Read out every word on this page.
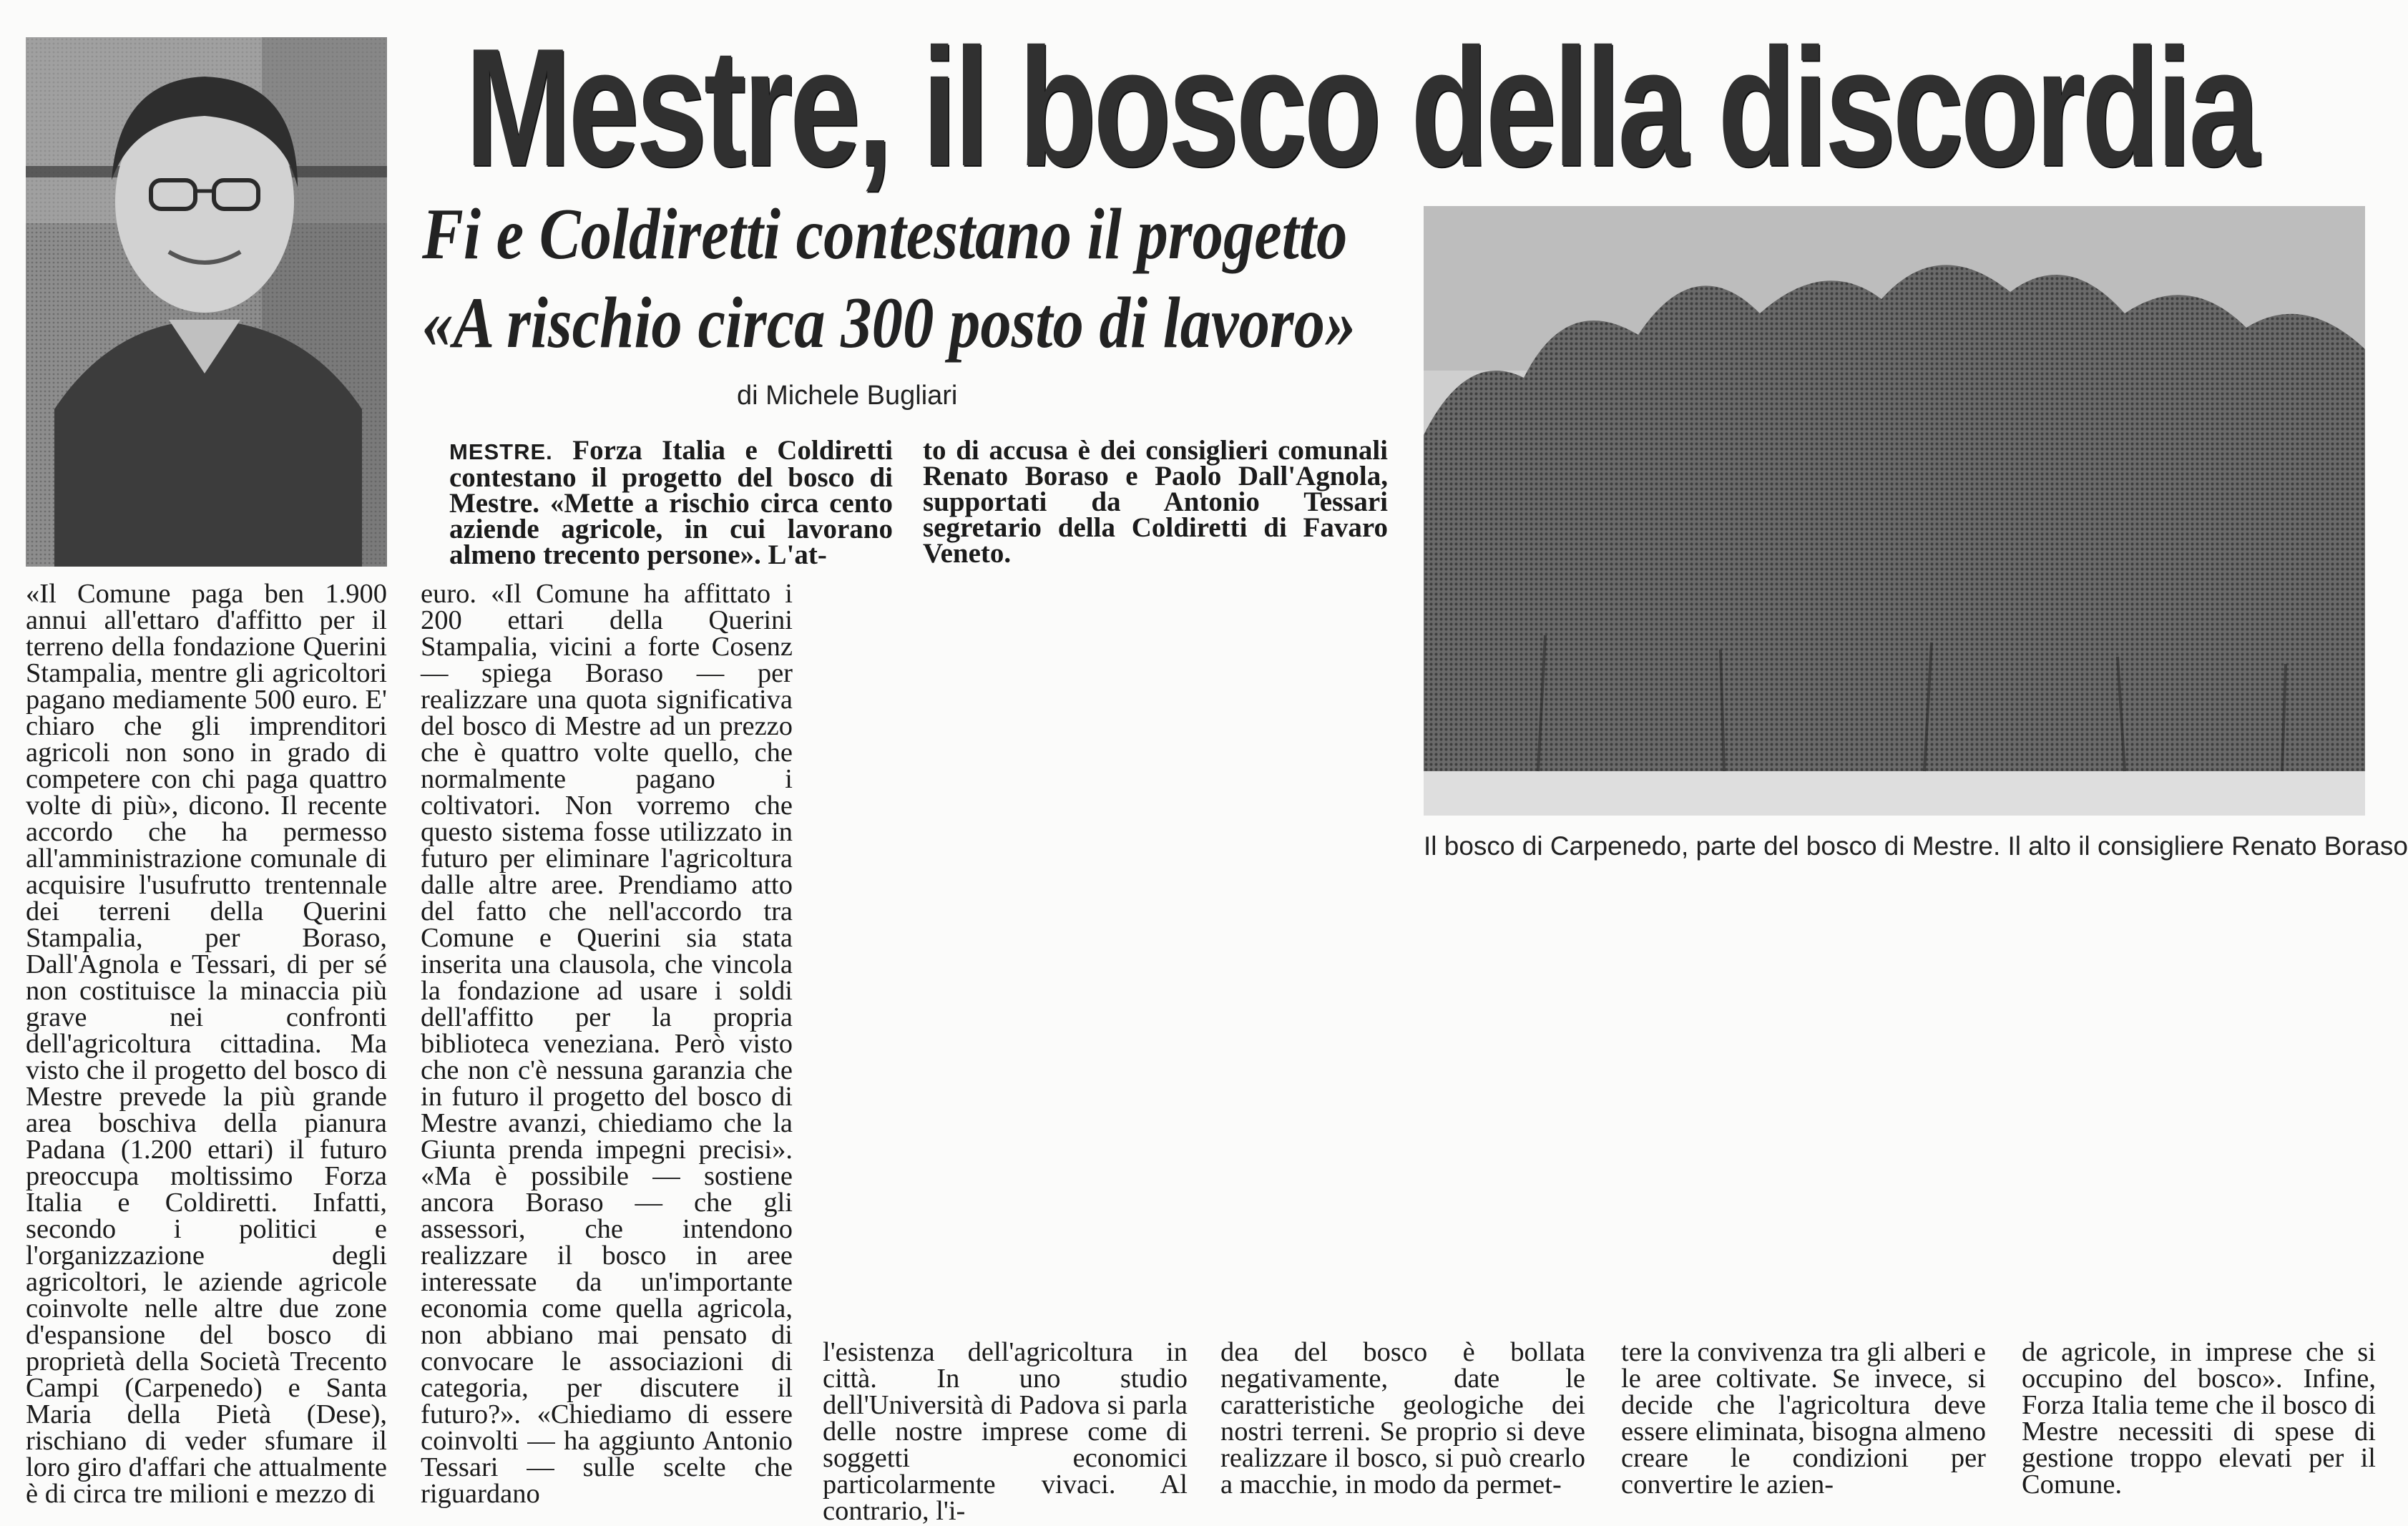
Mestre, il bosco della discordia
Fi e Coldiretti contestano il progetto
«A rischio circa 300 posto di lavoro»
di Michele Bugliari
MESTRE. Forza Italia e Coldiretti contestano il progetto del bosco di Mestre. «Mette a rischio circa cento aziende agricole, in cui lavorano almeno trecento persone». L'at-
to di accusa è dei consiglieri comunali Renato Boraso e Paolo Dall'Agnola, supportati da Antonio Tessari segretario della Coldiretti di Favaro Veneto.
Il bosco di Carpenedo, parte del bosco di Mestre. Il alto il consigliere Renato Boraso
«Il Comune paga ben 1.900 annui all'ettaro d'affitto per il terreno della fondazione Querini Stampalia, mentre gli agricoltori pagano mediamente 500 euro. E' chiaro che gli imprenditori agricoli non sono in grado di competere con chi paga quattro volte di più», dicono. Il recente accordo che ha permesso all'amministrazione comunale di acquisire l'usufrutto trentennale dei terreni della Querini Stampalia, per Boraso, Dall'Agnola e Tessari, di per sé non costituisce la minaccia più grave nei confronti dell'agricoltura cittadina. Ma visto che il progetto del bosco di Mestre prevede la più grande area boschiva della pianura Padana (1.200 ettari) il futuro preoccupa moltissimo Forza Italia e Coldiretti. Infatti, secondo i politici e l'organizzazione degli agricoltori, le aziende agricole coinvolte nelle altre due zone d'espansione del bosco di proprietà della Società Trecento Campi (Carpenedo) e Santa Maria della Pietà (Dese), rischiano di veder sfumare il loro giro d'affari che attualmente è di circa tre milioni e mezzo di
euro. «Il Comune ha affittato i 200 ettari della Querini Stampalia, vicini a forte Cosenz — spiega Boraso — per realizzare una quota significativa del bosco di Mestre ad un prezzo che è quattro volte quello, che normalmente pagano i coltivatori. Non vorremo che questo sistema fosse utilizzato in futuro per eliminare l'agricoltura dalle altre aree. Prendiamo atto del fatto che nell'accordo tra Comune e Querini sia stata inserita una clausola, che vincola la fondazione ad usare i soldi dell'affitto per la propria biblioteca veneziana. Però visto che non c'è nessuna garanzia che in futuro il progetto del bosco di Mestre avanzi, chiediamo che la Giunta prenda impegni precisi». «Ma è possibile — sostiene ancora Boraso — che gli assessori, che intendono realizzare il bosco in aree interessate da un'importante economia come quella agricola, non abbiano mai pensato di convocare le associazioni di categoria, per discutere il futuro?». «Chiediamo di essere coinvolti — ha aggiunto Antonio Tessari — sulle scelte che riguardano
l'esistenza dell'agricoltura in città. In uno studio dell'Università di Padova si parla delle nostre imprese come di soggetti economici particolarmente vivaci. Al contrario, l'i-
dea del bosco è bollata negativamente, date le caratteristiche geologiche dei nostri terreni. Se proprio si deve realizzare il bosco, si può crearlo a macchie, in modo da permet-
tere la convivenza tra gli alberi e le aree coltivate. Se invece, si decide che l'agricoltura deve essere eliminata, bisogna almeno creare le condizioni per convertire le azien-
de agricole, in imprese che si occupino del bosco». Infine, Forza Italia teme che il bosco di Mestre necessiti di spese di gestione troppo elevati per il Comune.
